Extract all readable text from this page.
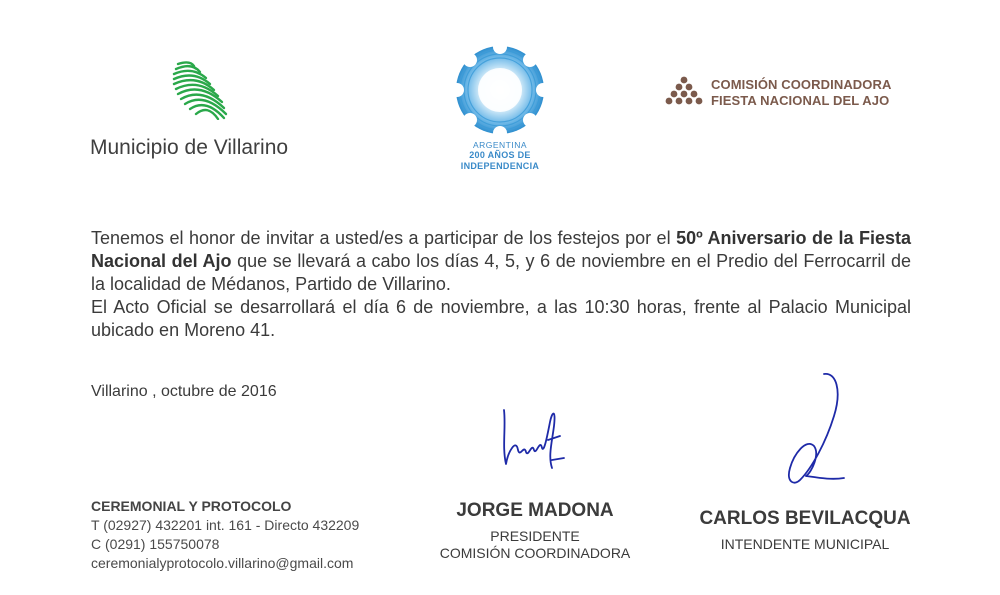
Municipio de Villarino	ARGENTINA
200 AÑOS DE
INDEPENDENCIA
COMISIÓN COORDINADORA
FIESTA NACIONAL DEL AJO

Tenemos el honor de invitar a usted/es a participar de los festejos por el 50º Aniversario de la Fiesta Nacional del Ajo que se llevará a cabo los días 4, 5, y 6 de noviembre en el Predio del Ferrocarril de la localidad de Médanos, Partido de Villarino.

El Acto Oficial se desarrollará el día 6 de noviembre, a las 10:30 horas, frente al Palacio Municipal ubicado en Moreno 41.

Villarino , octubre de 2016
CEREMONIAL Y PROTOCOLO
T (02927) 432201 int. 161 - Directo 432209
C (0291) 155750078
ceremonialyprotocolo.villarino@gmail.com
JORGE MADONA
PRESIDENTE
COMISIÓN COORDINADORA
CARLOS BEVILACQUA
INTENDENTE MUNICIPAL
